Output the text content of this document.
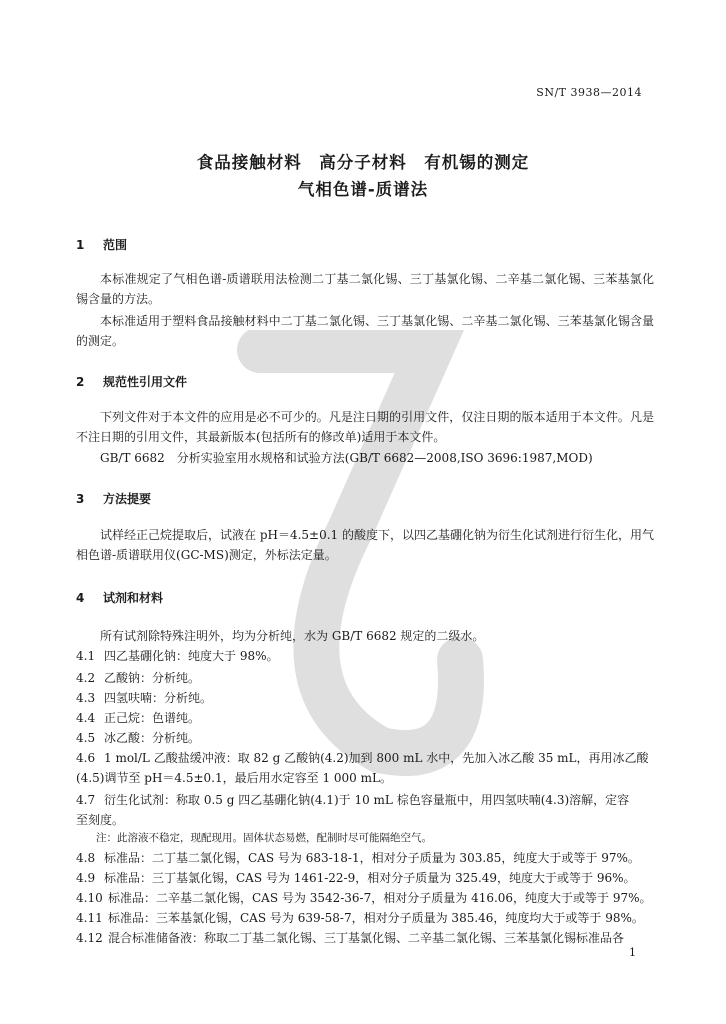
SN/T 3938—2014
食品接触材料　高分子材料　有机锡的测定
气相色谱-质谱法
1 范围
本标准规定了气相色谱-质谱联用法检测二丁基二氯化锡、三丁基氯化锡、二辛基二氯化锡、三苯基氯化锡含量的方法。
本标准适用于塑料食品接触材料中二丁基二氯化锡、三丁基氯化锡、二辛基二氯化锡、三苯基氯化锡含量的测定。
2 规范性引用文件
下列文件对于本文件的应用是必不可少的。凡是注日期的引用文件，仅注日期的版本适用于本文件。凡是不注日期的引用文件，其最新版本(包括所有的修改单)适用于本文件。
GB/T 6682　分析实验室用水规格和试验方法(GB/T 6682—2008,ISO 3696:1987,MOD)
3 方法提要
试样经正己烷提取后，试液在 pH＝4.5±0.1 的酸度下，以四乙基硼化钠为衍生化试剂进行衍生化，用气相色谱-质谱联用仪(GC-MS)测定，外标法定量。
4 试剂和材料
所有试剂除特殊注明外，均为分析纯，水为 GB/T 6682 规定的二级水。
4.1 四乙基硼化钠：纯度大于 98%。
4.2 乙酸钠：分析纯。
4.3 四氢呋喃：分析纯。
4.4 正己烷：色谱纯。
4.5 冰乙酸：分析纯。
4.6 1 mol/L 乙酸盐缓冲液：取 82 g 乙酸钠(4.2)加到 800 mL 水中，先加入冰乙酸 35 mL，再用冰乙酸
(4.5)调节至 pH＝4.5±0.1，最后用水定容至 1 000 mL。
4.7 衍生化试剂：称取 0.5 g 四乙基硼化钠(4.1)于 10 mL 棕色容量瓶中，用四氢呋喃(4.3)溶解，定容
至刻度。
注：此溶液不稳定，现配现用。固体状态易燃，配制时尽可能隔绝空气。
4.8 标准品：二丁基二氯化锡，CAS 号为 683-18-1，相对分子质量为 303.85，纯度大于或等于 97%。
4.9 标准品：三丁基氯化锡，CAS 号为 1461-22-9，相对分子质量为 325.49，纯度大于或等于 96%。
4.10 标准品：二辛基二氯化锡，CAS 号为 3542-36-7，相对分子质量为 416.06，纯度大于或等于 97%。
4.11 标准品：三苯基氯化锡，CAS 号为 639-58-7，相对分子质量为 385.46，纯度均大于或等于 98%。
4.12 混合标准储备液：称取二丁基二氯化锡、三丁基氯化锡、二辛基二氯化锡、三苯基氯化锡标准品各
1
